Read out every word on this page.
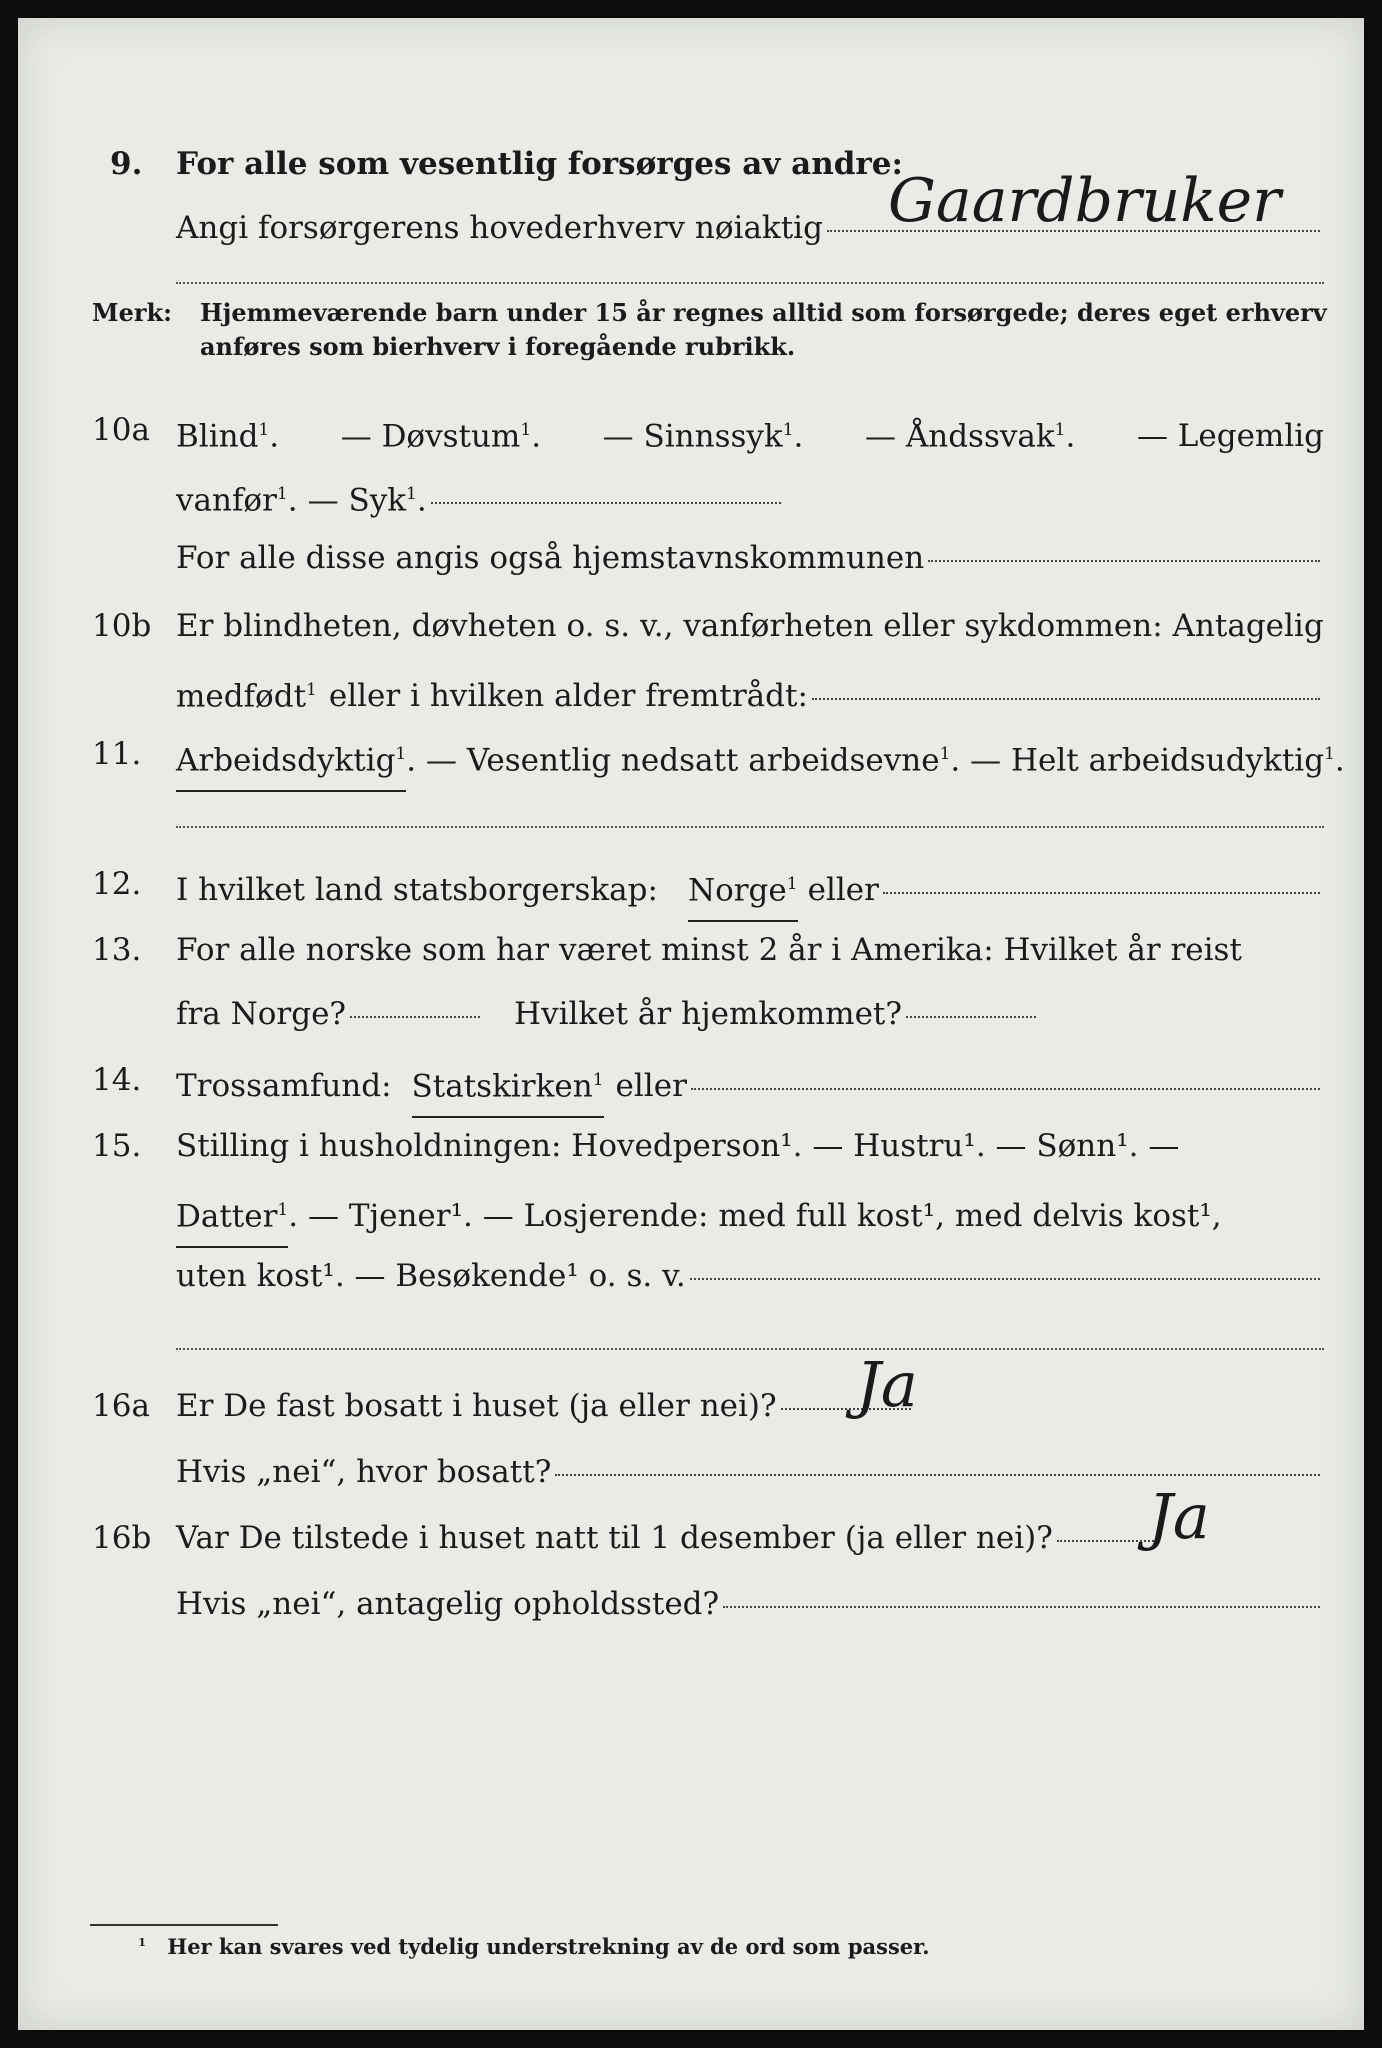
9. For alle som vesentlig forsørges av andre:
Angi forsørgerens hovederhverv nøiaktig Gaardbruker
Merk: Hjemmeværende barn under 15 år regnes alltid som forsørgede; deres eget erhverv anføres som bierhverv i foregående rubrikk.
10a Blind$^1$. — Døvstum$^1$. — Sinnssyk$^1$. — Åndssvak$^1$. — Legemlig
vanfør$^1$. — Syk$^1$.
For alle disse angis også hjemstavnskommunen
10b Er blindheten, døvheten o. s. v., vanførheten eller sykdommen: Antagelig
medfødt$^1$ eller i hvilken alder fremtrådt:
11. Arbeidsdyktig$^1$ . — Vesentlig nedsatt arbeidsevne$^1$ . — Helt arbeidsudyktig$^1$.
12. I hvilket land statsborgerskap: Norge$^1$ eller
13. For alle norske som har været minst 2 år i Amerika: Hvilket år reist
fra Norge?	Hvilket år hjemkommet?
14. Trossamfund: Statskirken$^1$ eller
15. Stilling i husholdningen: Hovedperson¹. — Hustru¹. — Sønn¹. —
Datter$^1$ . — Tjener¹. — Losjerende: med full kost¹, med delvis kost¹,
uten kost¹. — Besøkende¹ o. s. v.
16a Er De fast bosatt i huset (ja eller nei)? Ja
Hvis „nei“, hvor bosatt?
16b Var De tilstede i huset natt til 1 desember (ja eller nei)? Ja
Hvis „nei“, antagelig opholdssted?
$^1$ Her kan svares ved tydelig understrekning av de ord som passer.
